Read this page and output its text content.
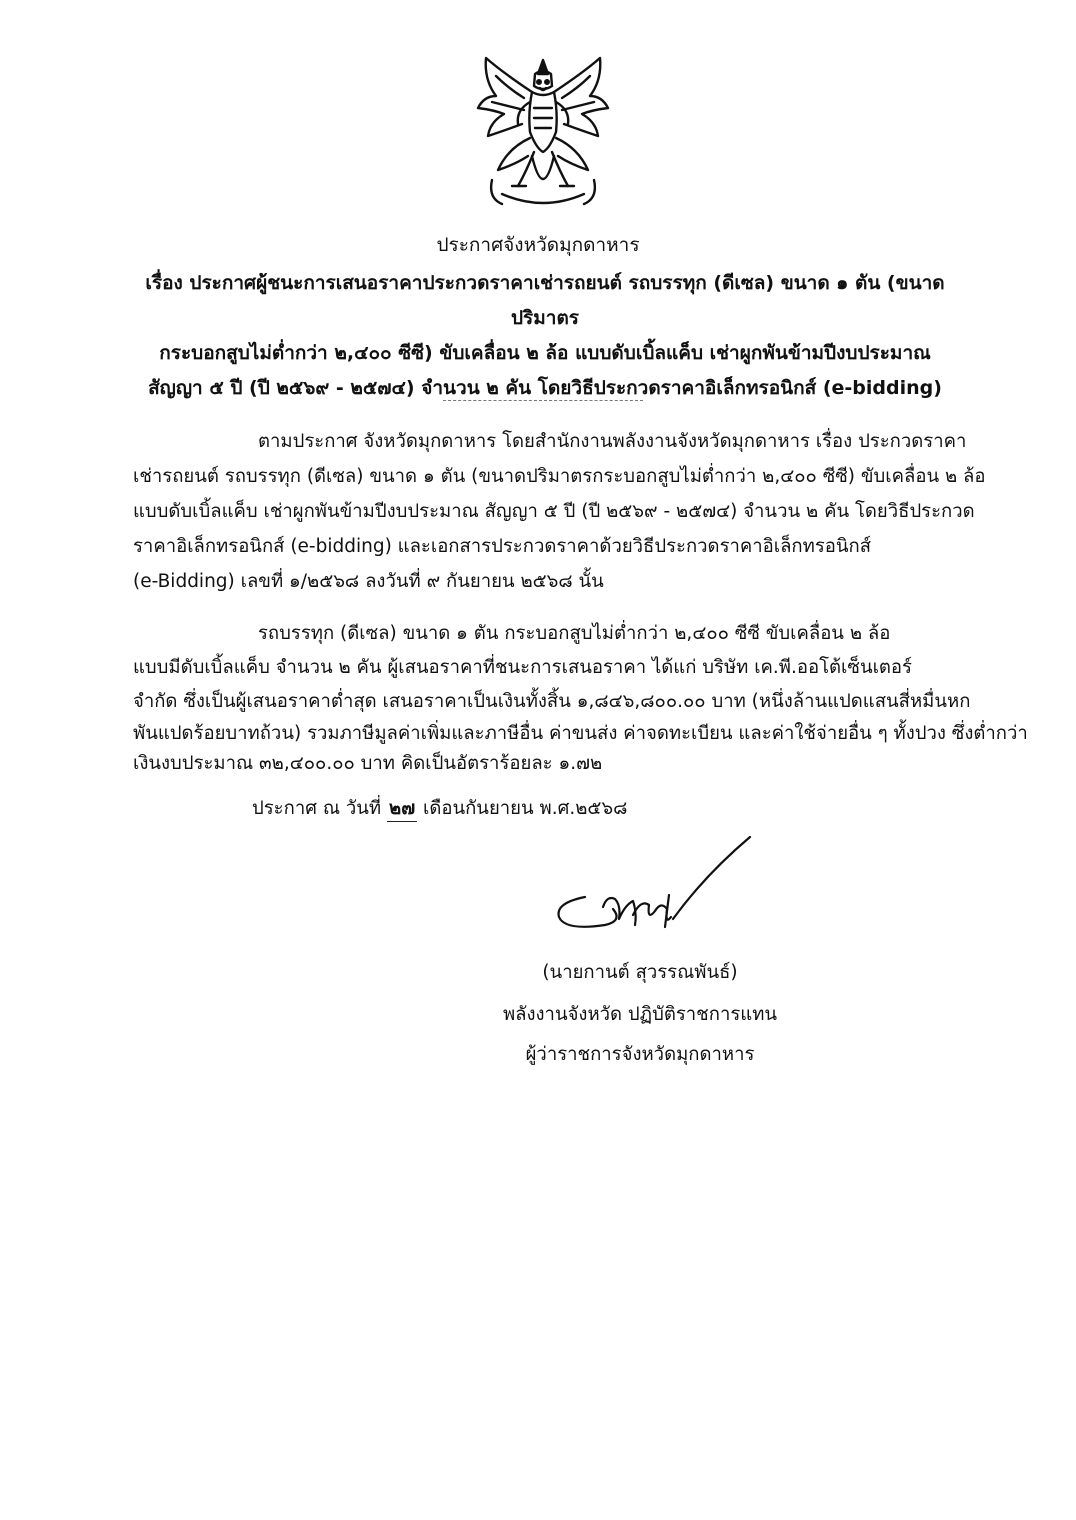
ประกาศจังหวัดมุกดาหาร
เรื่อง ประกาศผู้ชนะการเสนอราคาประกวดราคาเช่ารถยนต์ รถบรรทุก (ดีเซล) ขนาด ๑ ตัน (ขนาดปริมาตร
กระบอกสูบไม่ต่ำกว่า ๒,๔๐๐ ซีซี) ขับเคลื่อน ๒ ล้อ แบบดับเบิ้ลแค็บ เช่าผูกพันข้ามปีงบประมาณ
สัญญา ๕ ปี (ปี ๒๕๖๙ - ๒๕๗๔) จำนวน ๒ คัน โดยวิธีประกวดราคาอิเล็กทรอนิกส์ (e-bidding)
ตามประกาศ จังหวัดมุกดาหาร โดยสำนักงานพลังงานจังหวัดมุกดาหาร เรื่อง ประกวดราคา
เช่ารถยนต์ รถบรรทุก (ดีเซล) ขนาด ๑ ตัน (ขนาดปริมาตรกระบอกสูบไม่ต่ำกว่า ๒,๔๐๐ ซีซี) ขับเคลื่อน ๒ ล้อ
แบบดับเบิ้ลแค็บ เช่าผูกพันข้ามปีงบประมาณ สัญญา ๕ ปี (ปี ๒๕๖๙ - ๒๕๗๔) จำนวน ๒ คัน โดยวิธีประกวด
ราคาอิเล็กทรอนิกส์ (e-bidding) และเอกสารประกวดราคาด้วยวิธีประกวดราคาอิเล็กทรอนิกส์
(e-Bidding) เลขที่ ๑/๒๕๖๘ ลงวันที่ ๙ กันยายน ๒๕๖๘ นั้น
รถบรรทุก (ดีเซล) ขนาด ๑ ตัน กระบอกสูบไม่ต่ำกว่า ๒,๔๐๐ ซีซี ขับเคลื่อน ๒ ล้อ
แบบมีดับเบิ้ลแค็บ จำนวน ๒ คัน ผู้เสนอราคาที่ชนะการเสนอราคา ได้แก่ บริษัท เค.พี.ออโต้เซ็นเตอร์
จำกัด ซึ่งเป็นผู้เสนอราคาต่ำสุด เสนอราคาเป็นเงินทั้งสิ้น ๑,๘๔๖,๘๐๐.๐๐ บาท (หนึ่งล้านแปดแสนสี่หมื่นหก
พันแปดร้อยบาทถ้วน) รวมภาษีมูลค่าเพิ่มและภาษีอื่น ค่าขนส่ง ค่าจดทะเบียน และค่าใช้จ่ายอื่น ๆ ทั้งปวง ซึ่งต่ำกว่า
เงินงบประมาณ ๓๒,๔๐๐.๐๐ บาท คิดเป็นอัตราร้อยละ ๑.๗๒
ประกาศ ณ วันที่ ๒๗ เดือนกันยายน พ.ศ.๒๕๖๘
(นายกานต์ สุวรรณพันธ์)
พลังงานจังหวัด ปฏิบัติราชการแทน
ผู้ว่าราชการจังหวัดมุกดาหาร
